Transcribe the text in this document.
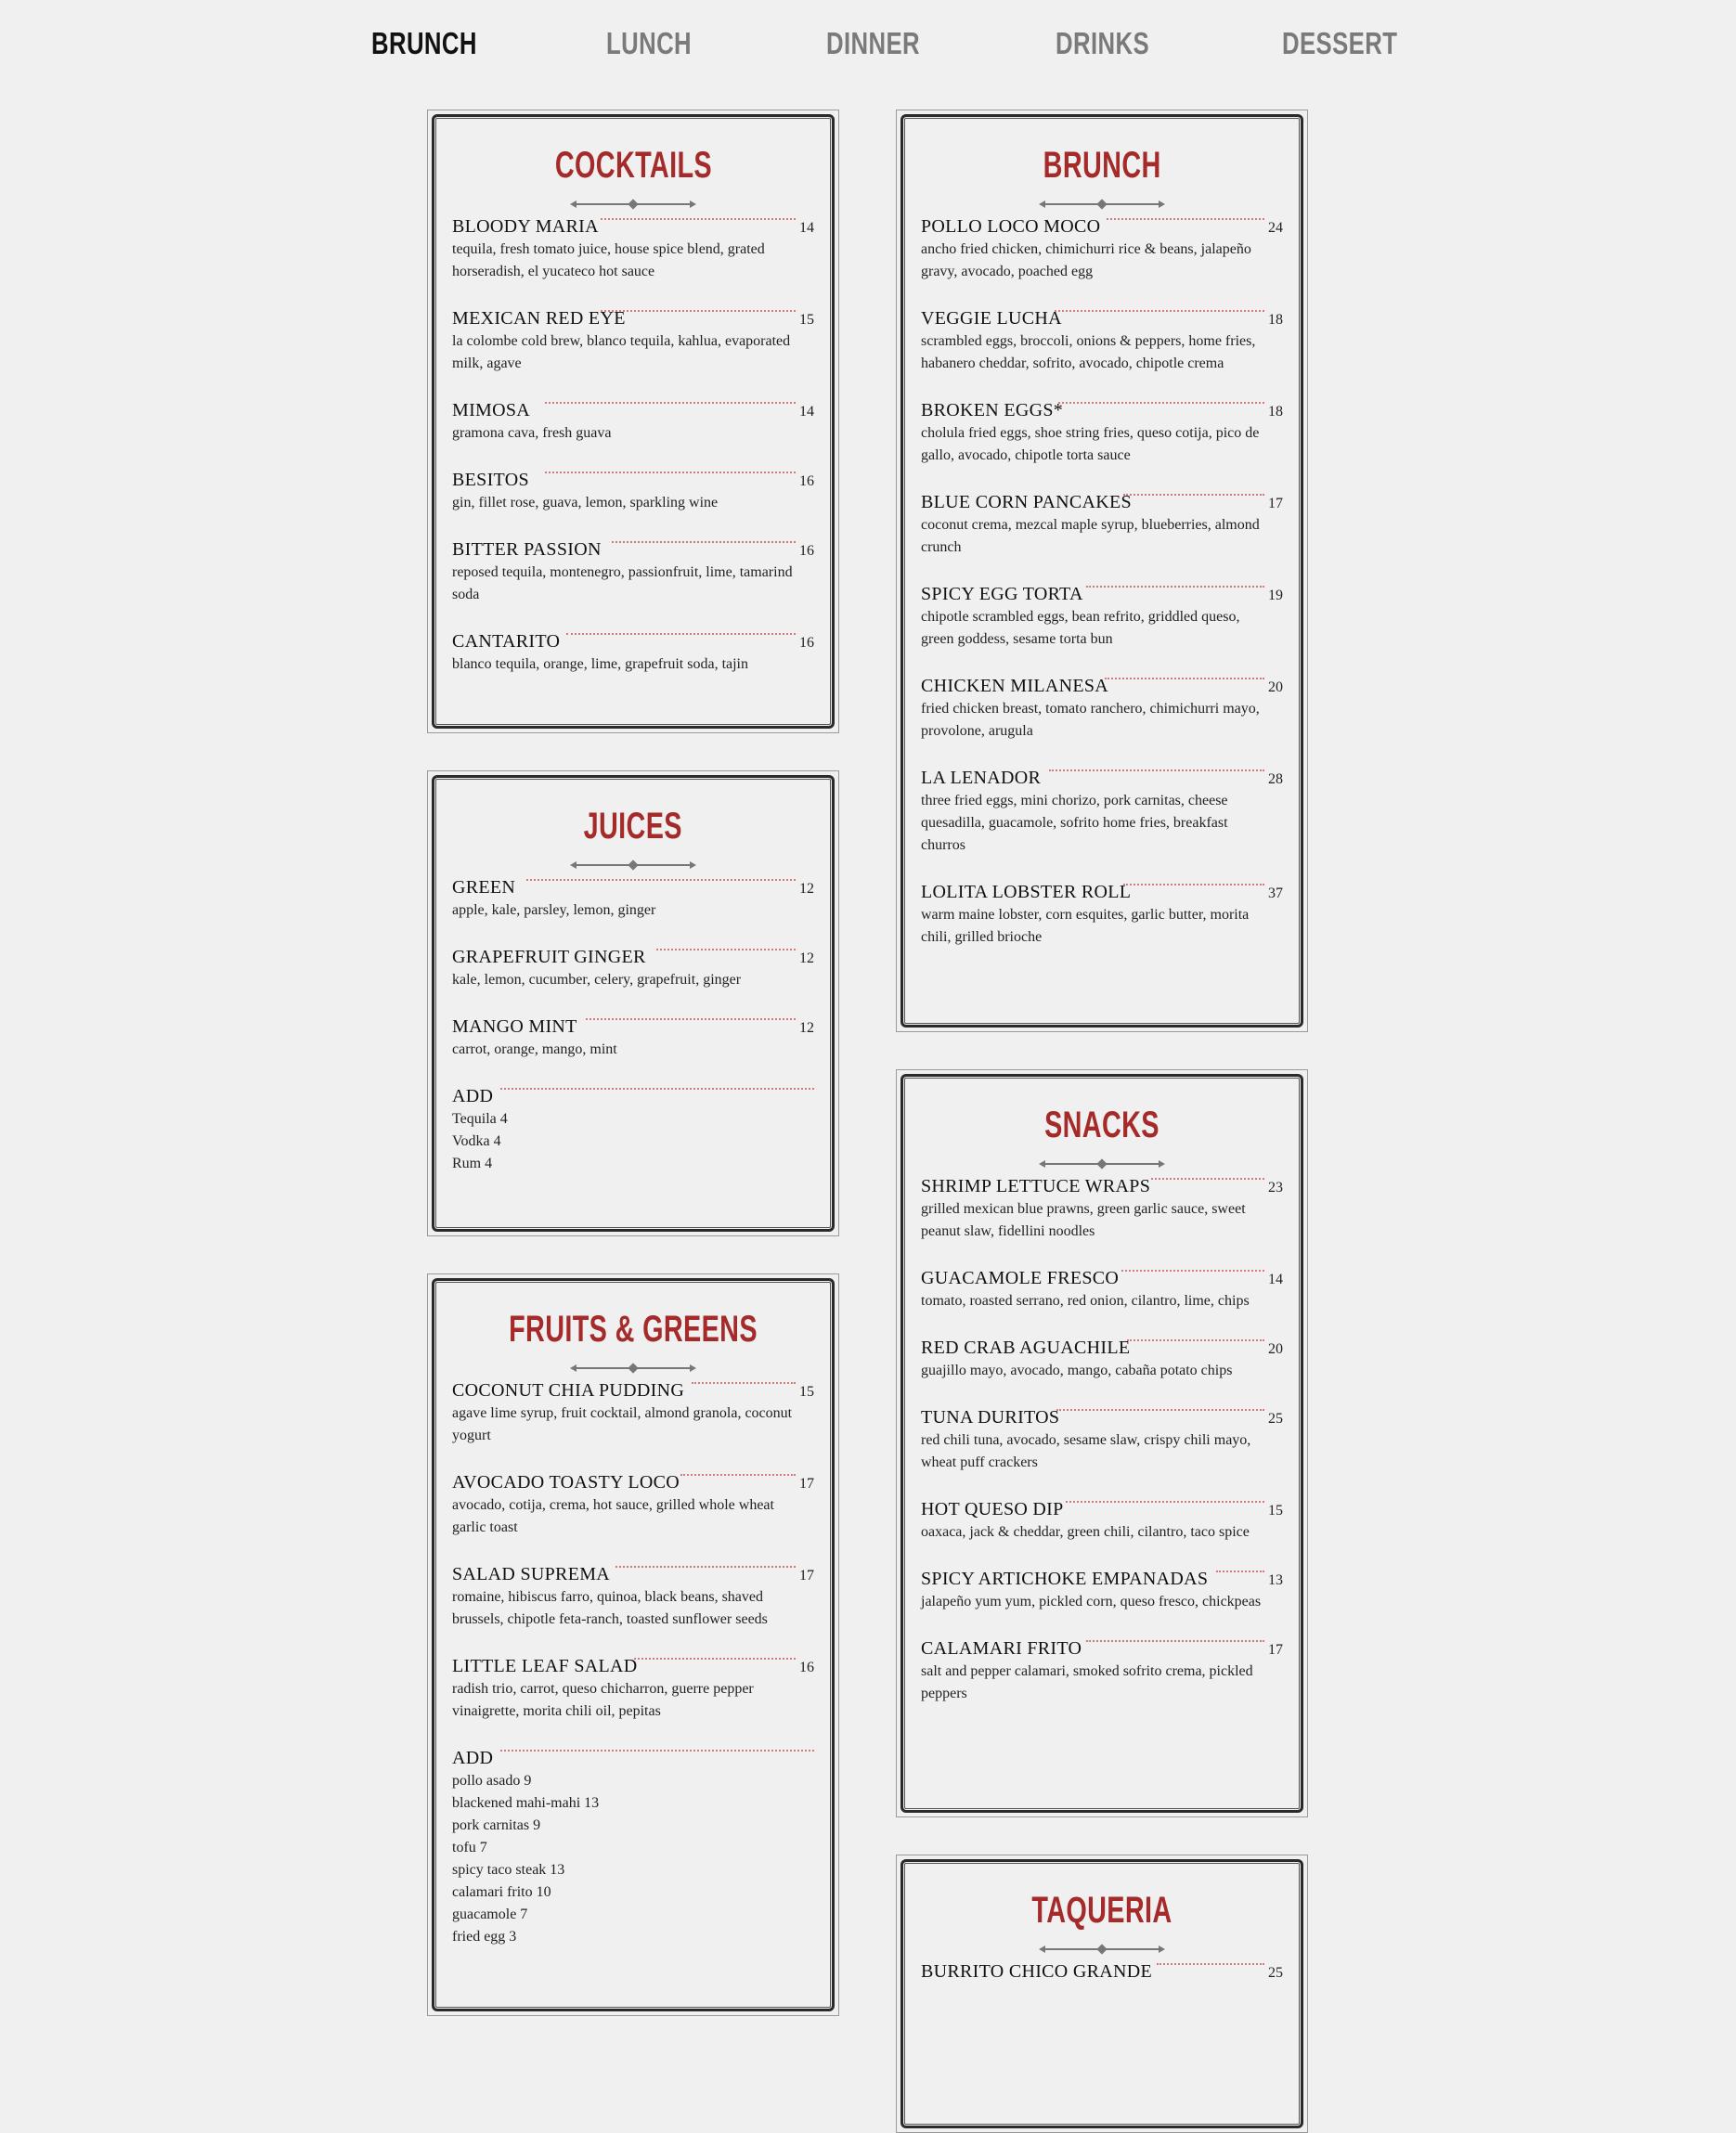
BRUNCH	LUNCH	DINNER	DRINKS	DESSERT
COCKTAILS
BLOODY MARIA	14
tequila, fresh tomato juice, house spice blend, grated horseradish, el yucateco hot sauce
MEXICAN RED EYE	15
la colombe cold brew, blanco tequila, kahlua, evaporated milk, agave
MIMOSA	14
gramona cava, fresh guava
BESITOS	16
gin, fillet rose, guava, lemon, sparkling wine
BITTER PASSION	16
reposed tequila, montenegro, passionfruit, lime, tamarind soda
CANTARITO	16
blanco tequila, orange, lime, grapefruit soda, tajin
JUICES
GREEN	12
apple, kale, parsley, lemon, ginger
GRAPEFRUIT GINGER	12
kale, lemon, cucumber, celery, grapefruit, ginger
MANGO MINT	12
carrot, orange, mango, mint
ADD
Tequila 4
Vodka 4
Rum 4
FRUITS & GREENS
COCONUT CHIA PUDDING	15
agave lime syrup, fruit cocktail, almond granola, coconut yogurt
AVOCADO TOASTY LOCO	17
avocado, cotija, crema, hot sauce, grilled whole wheat garlic toast
SALAD SUPREMA	17
romaine, hibiscus farro, quinoa, black beans, shaved brussels, chipotle feta-ranch, toasted sunflower seeds
LITTLE LEAF SALAD	16
radish trio, carrot, queso chicharron, guerre pepper vinaigrette, morita chili oil, pepitas
ADD
pollo asado 9
blackened mahi-mahi 13
pork carnitas 9
tofu 7
spicy taco steak 13
calamari frito 10
guacamole 7
fried egg 3
BRUNCH
POLLO LOCO MOCO	24
ancho fried chicken, chimichurri rice & beans, jalapeño gravy, avocado, poached egg
VEGGIE LUCHA	18
scrambled eggs, broccoli, onions & peppers, home fries, habanero cheddar, sofrito, avocado, chipotle crema
BROKEN EGGS*	18
cholula fried eggs, shoe string fries, queso cotija, pico de gallo, avocado, chipotle torta sauce
BLUE CORN PANCAKES	17
coconut crema, mezcal maple syrup, blueberries, almond crunch
SPICY EGG TORTA	19
chipotle scrambled eggs, bean refrito, griddled queso, green goddess, sesame torta bun
CHICKEN MILANESA	20
fried chicken breast, tomato ranchero, chimichurri mayo, provolone, arugula
LA LENADOR	28
three fried eggs, mini chorizo, pork carnitas, cheese quesadilla, guacamole, sofrito home fries, breakfast churros
LOLITA LOBSTER ROLL	37
warm maine lobster, corn esquites, garlic butter, morita chili, grilled brioche
SNACKS
SHRIMP LETTUCE WRAPS	23
grilled mexican blue prawns, green garlic sauce, sweet peanut slaw, fidellini noodles
GUACAMOLE FRESCO	14
tomato, roasted serrano, red onion, cilantro, lime, chips
RED CRAB AGUACHILE	20
guajillo mayo, avocado, mango, cabaña potato chips
TUNA DURITOS	25
red chili tuna, avocado, sesame slaw, crispy chili mayo, wheat puff crackers
HOT QUESO DIP	15
oaxaca, jack & cheddar, green chili, cilantro, taco spice
SPICY ARTICHOKE EMPANADAS	13
jalapeño yum yum, pickled corn, queso fresco, chickpeas
CALAMARI FRITO	17
salt and pepper calamari, smoked sofrito crema, pickled peppers
TAQUERIA
BURRITO CHICO GRANDE	25
